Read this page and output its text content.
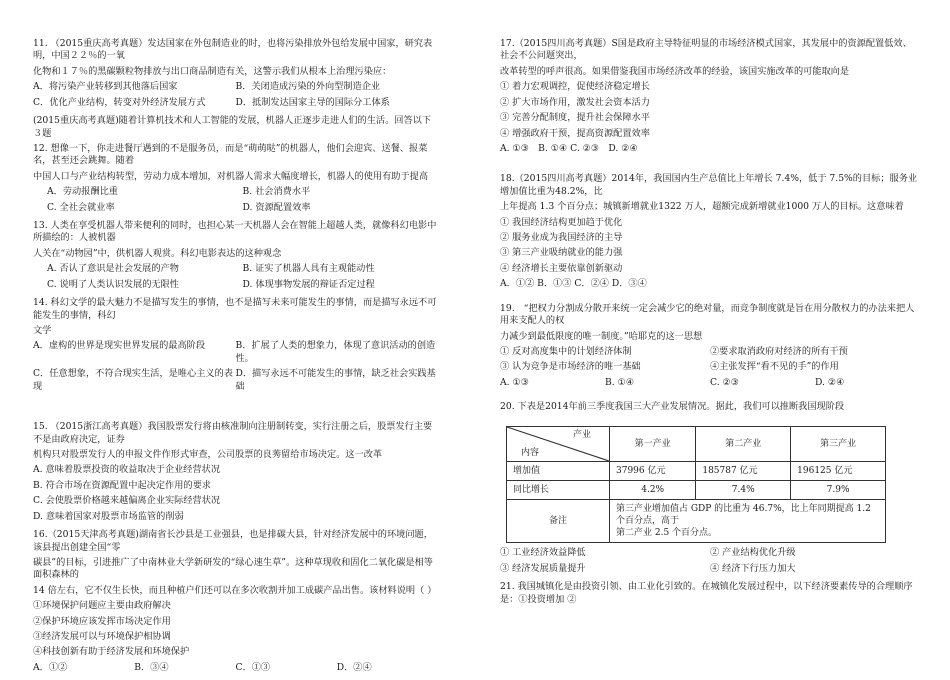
11. （2015重庆高考真题）发达国家在外包制造业的时，也将污染排放外包给发展中国家，研究表明，中国２２％的一氧
化物和１７％的黑碳颗粒物排放与出口商品制造有关，这警示我们从根本上治理污染应：
A．将污染产业转移到其他落后国家	B．关闭造成污染的外向型制造企业
C．优化产业结构，转变对外经济发展方式	D．抵制发达国家主导的国际分工体系
(2015重庆高考真题)随着计算机技术和人工智能的发展，机器人正逐步走进人们的生活。回答以下３题
12. 想像一下，你走进餐厅遇到的不是服务员，而是“萌萌哒”的机器人，他们会迎宾、送餐、报菜名，甚至还会跳舞。随着
中国人口与产业结构转型，劳动力成本增加，对机器人需求大幅度增长，机器人的使用有助于提高
A．劳动报酬比重	B. 社会消费水平
C. 全社会就业率	D. 资源配置效率
13. 人类在享受机器人带来便利的同时，也担心某一天机器人会在智能上超越人类，就像科幻电影中所描绘的：人被机器
人关在“动物园”中，供机器人观赏。科幻电影表达的这种观念
A. 否认了意识是社会发展的产物	B. 证实了机器人具有主观能动性
C. 说明了人类认识发展的无限性	D. 体现事物发展的辩证否定过程
14. 科幻文学的最大魅力不是描写发生的事情，也不是描写未来可能发生的事情，而是描写永远不可能发生的事情，科幻
文学
A．虚构的世界是现实世界发展的最高阶段	B．扩展了人类的想象力，体现了意识活动的创造性。
C．任意想象，不符合现实生活，是唯心主义的表现
D．描写永远不可能发生的事情，缺乏社会实践基础
15. （2015浙江高考真题）我国股票发行将由核准制向注册制转变，实行注册之后，股票发行主要不是由政府决定，证券
机构只对股票发行人的申报文件作形式审查，公司股票的良莠留给市场决定。这一改革
A. 意味着股票投资的收益取决于企业经营状况
B. 符合市场在资源配置中起决定作用的要求
C. 会使股票价格越来越偏离企业实际经营状况
D. 意味着国家对股票市场监管的削弱
16.（2015天津高考真题)湖南省长沙县是工业强县，也是排碳大县，针对经济发展中的环境问题，该县提出创建全国“零
碳县”的目标，引进推广了中南林业大学新研发的“绿心速生草”。这种草现收和固化二氧化碳是相等面积森林的
14 倍左右，它不仅生长快，而且种植户们还可以在多次收割并加工成碳产品出售。该材料说明（ ）
①环境保护问题应主要由政府解决
②保护环境应该发挥市场决定作用
③经济发展可以与环境保护相协调
④科技创新有助于经济发展和环境保护
A．①②	B．③④	C．①③	D．②④
17.（2015四川高考真题）S国是政府主导特征明显的市场经济模式国家，其发展中的资源配置低效、社会不公问题突出，
改革转型的呼声很高。如果借鉴我国市场经济改革的经验，该国实施改革的可能取向是
① 着力宏观调控，促使经济稳定增长
② 扩大市场作用，激发社会资本活力
③ 完善分配制度，提升社会保障水平
④ 增强政府干预，提高资源配置效率
A. ①③　B. ①④ C. ②③　D. ②④
18.（2015四川高考真题）2014年，我国国内生产总值比上年增长 7.4%，低于 7.5%的目标；服务业增加值比重为48.2%，比
上年提高 1.3 个百分点；城镇新增就业1322 万人，超额完成新增就业1000 万人的目标。这意味着
① 我国经济结构更加趋于优化
② 服务业成为我国经济的主导
③ 第三产业吸纳就业的能力强
④ 经济增长主要依靠创新驱动
A．①② B．①③ C．②④ D．③④
19.　“把权力分割成分散开来统一定会减少它的绝对量，而竞争制度就是旨在用分散权力的办法来把人用来支配人的权
力减少到最低限度的唯一制度。”哈耶克的这一思想
① 反对高度集中的计划经济体制	②要求取消政府对经济的所有干预
③ 认为竞争是市场经济的唯一基础	④主张发挥“看不见的手”的作用
A. ①③	B. ①④	C. ②③	D. ②④
20. 下表是2014年前三季度我国三大产业发展情况。据此，我们可以推断我国现阶段
产业
内容	第一产业	第二产业	第三产业
增加值	37996 亿元	185787 亿元	196125 亿元
同比增长	4.2%	7.4%	7.9%
备注	第三产业增加值占 GDP 的比重为 46.7%，比上年同期提高 1.2 个百分点，高于
第二产业 2.5 个百分点。		
① 工业经济效益降低	② 产业结构优化升级
③ 经济发展质量提升	④ 经济下行压力加大
21. 我国城镇化是由投资引领、由工业化引致的。在城镇化发展过程中，以下经济要素传导的合理顺序是：①投资增加 ②
